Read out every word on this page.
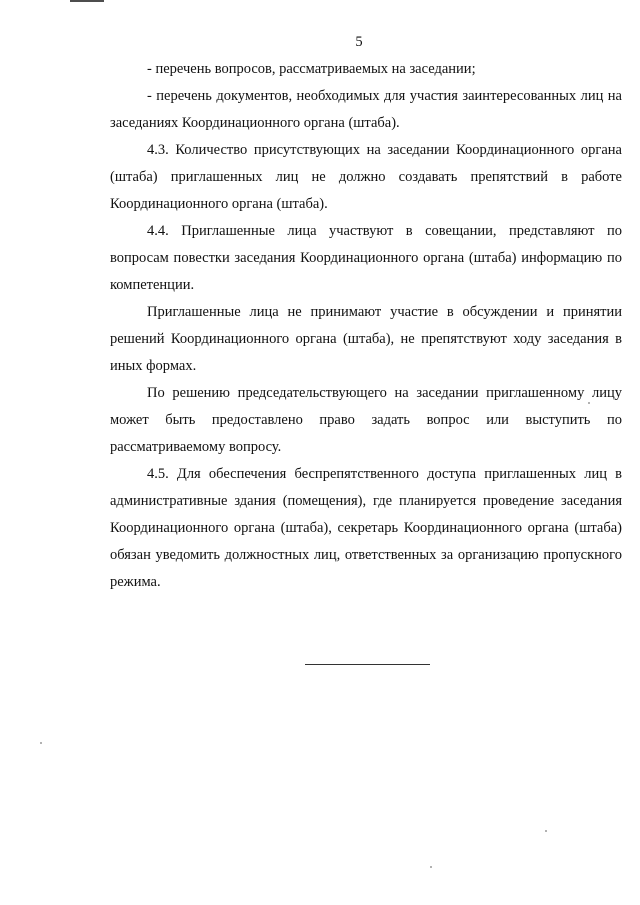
5

- перечень вопросов, рассматриваемых на заседании;

- перечень документов, необходимых для участия заинтересованных лиц на заседаниях Координационного органа (штаба).

4.3. Количество присутствующих на заседании Координационного органа (штаба) приглашенных лиц не должно создавать препятствий в работе Координационного органа (штаба).

4.4. Приглашенные лица участвуют в совещании, представляют по вопросам повестки заседания Координационного органа (штаба) информацию по компетенции.

Приглашенные лица не принимают участие в обсуждении и принятии решений Координационного органа (штаба), не препятствуют ходу заседания в иных формах.

По решению председательствующего на заседании приглашенному лицу может быть предоставлено право задать вопрос или выступить по рассматриваемому вопросу.

4.5. Для обеспечения беспрепятственного доступа приглашенных лиц в административные здания (помещения), где планируется проведение заседания Координационного органа (штаба), секретарь Координационного органа (штаба) обязан уведомить должностных лиц, ответственных за организацию пропускного режима.
